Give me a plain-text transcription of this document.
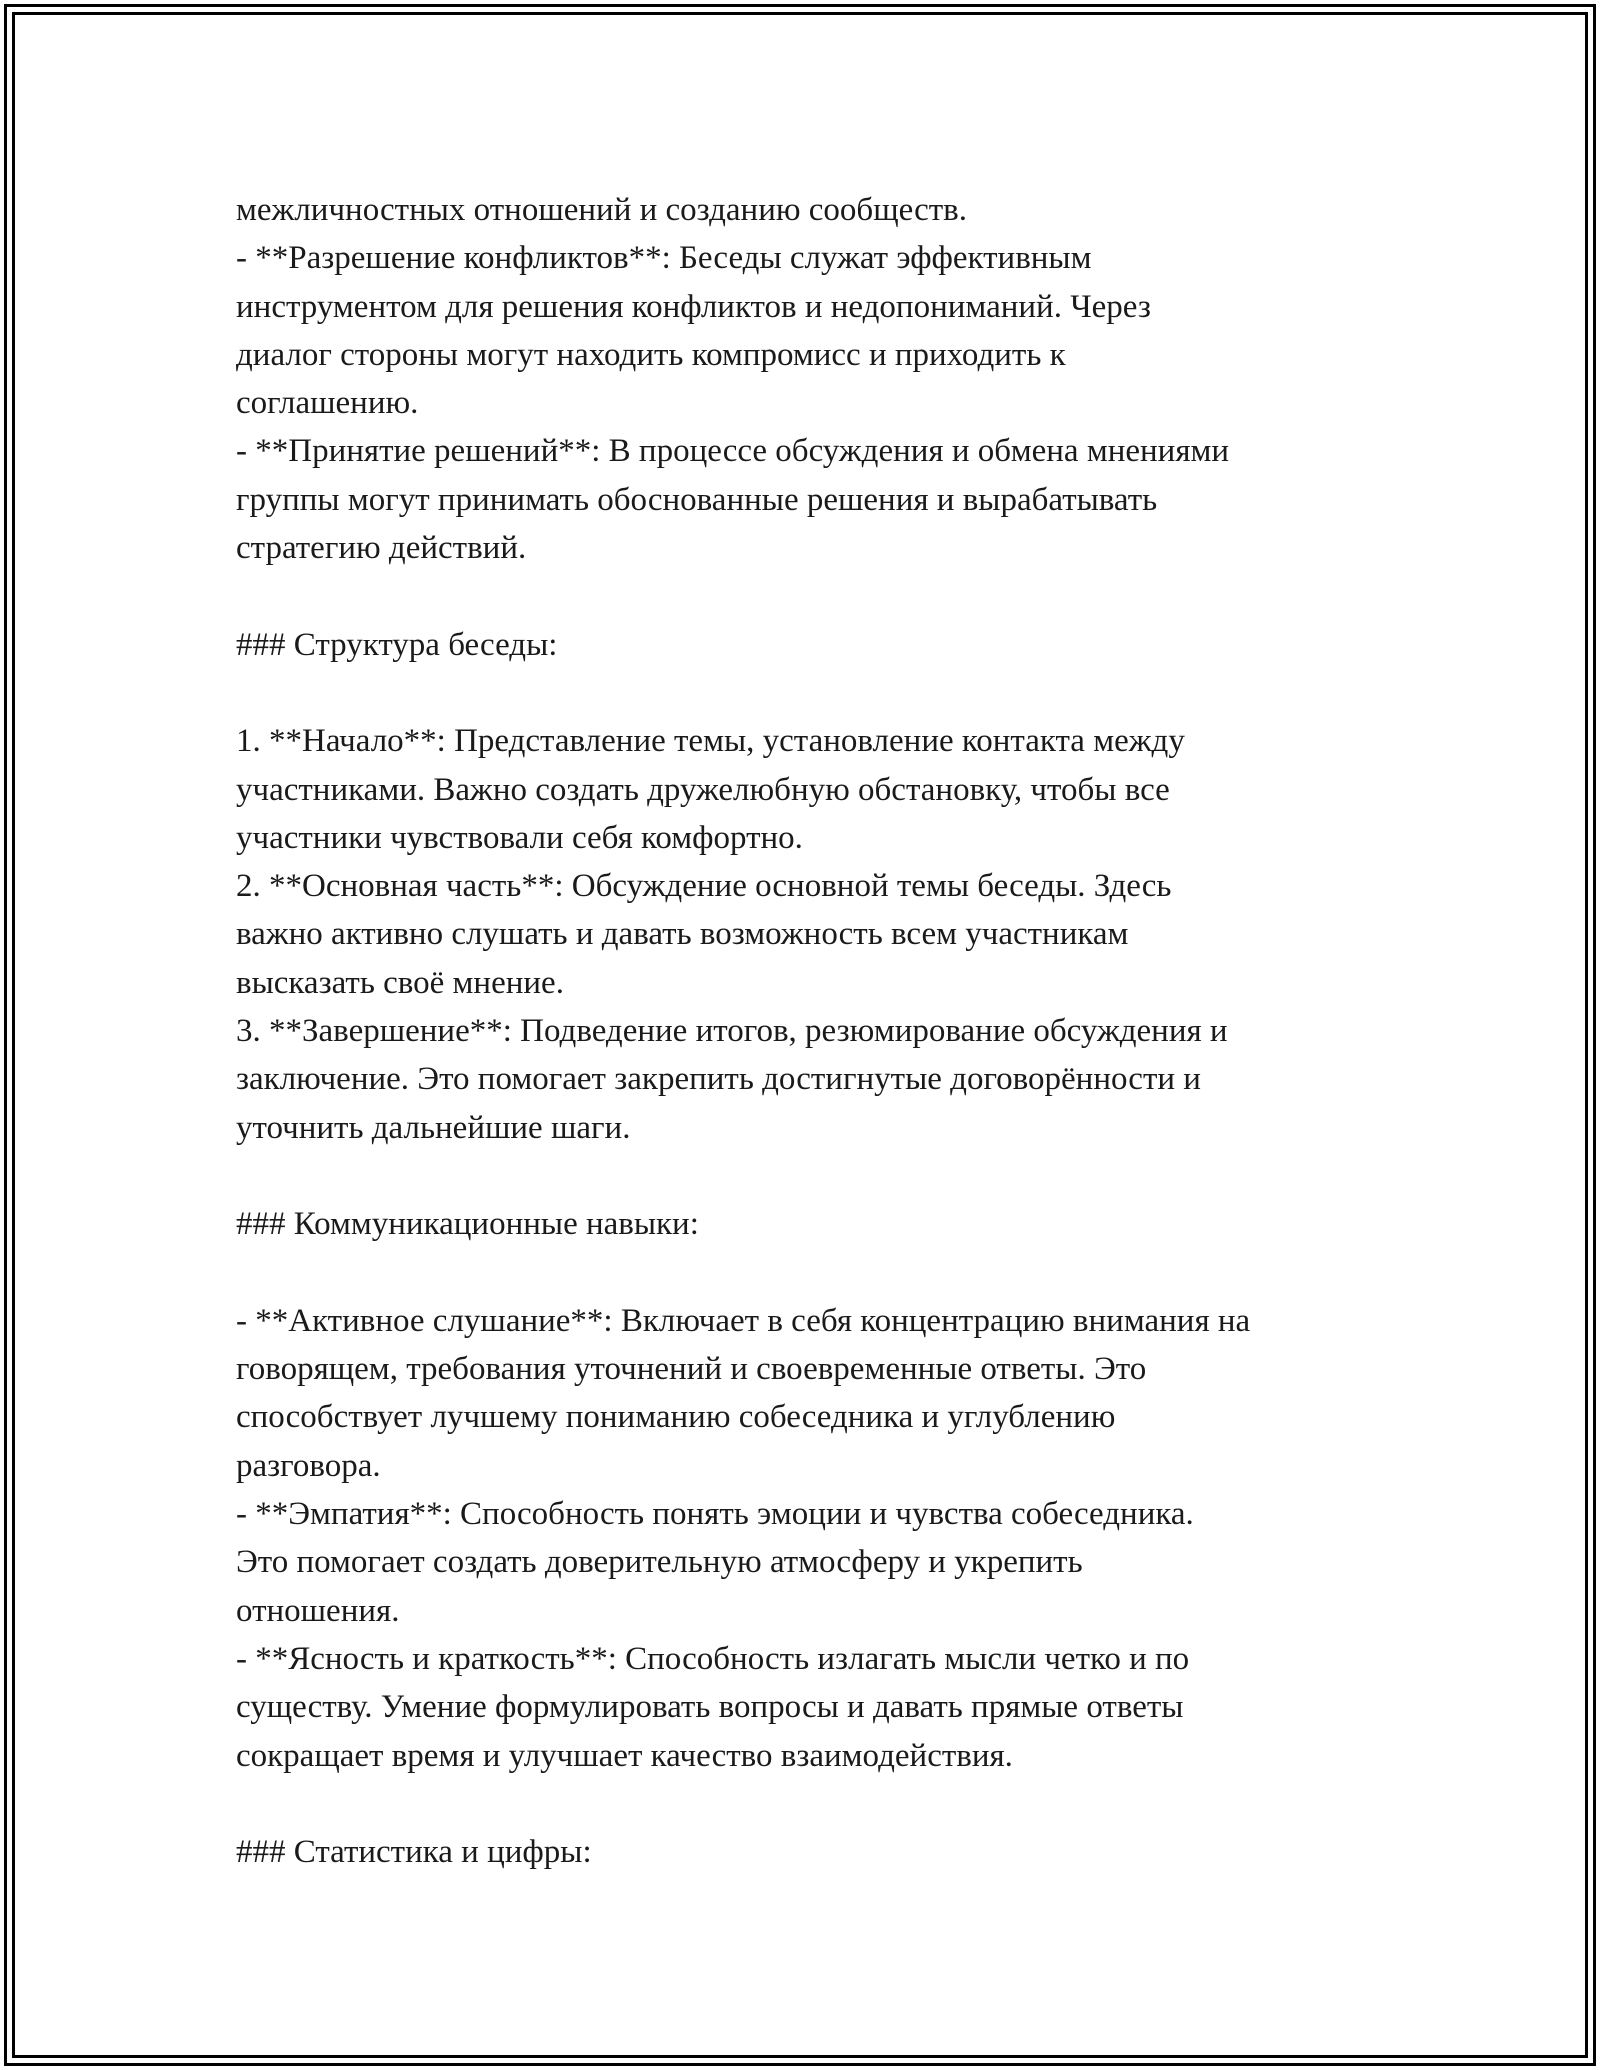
межличностных отношений и созданию сообществ.
- **Разрешение конфликтов**: Беседы служат эффективным
инструментом для решения конфликтов и недопониманий. Через
диалог стороны могут находить компромисс и приходить к
соглашению.
- **Принятие решений**: В процессе обсуждения и обмена мнениями
группы могут принимать обоснованные решения и вырабатывать
стратегию действий.
### Структура беседы:
1. **Начало**: Представление темы, установление контакта между
участниками. Важно создать дружелюбную обстановку, чтобы все
участники чувствовали себя комфортно.
2. **Основная часть**: Обсуждение основной темы беседы. Здесь
важно активно слушать и давать возможность всем участникам
высказать своё мнение.
3. **Завершение**: Подведение итогов, резюмирование обсуждения и
заключение. Это помогает закрепить достигнутые договорённости и
уточнить дальнейшие шаги.
### Коммуникационные навыки:
- **Активное слушание**: Включает в себя концентрацию внимания на
говорящем, требования уточнений и своевременные ответы. Это
способствует лучшему пониманию собеседника и углублению
разговора.
- **Эмпатия**: Способность понять эмоции и чувства собеседника.
Это помогает создать доверительную атмосферу и укрепить
отношения.
- **Ясность и краткость**: Способность излагать мысли четко и по
существу. Умение формулировать вопросы и давать прямые ответы
сокращает время и улучшает качество взаимодействия.
### Статистика и цифры:
